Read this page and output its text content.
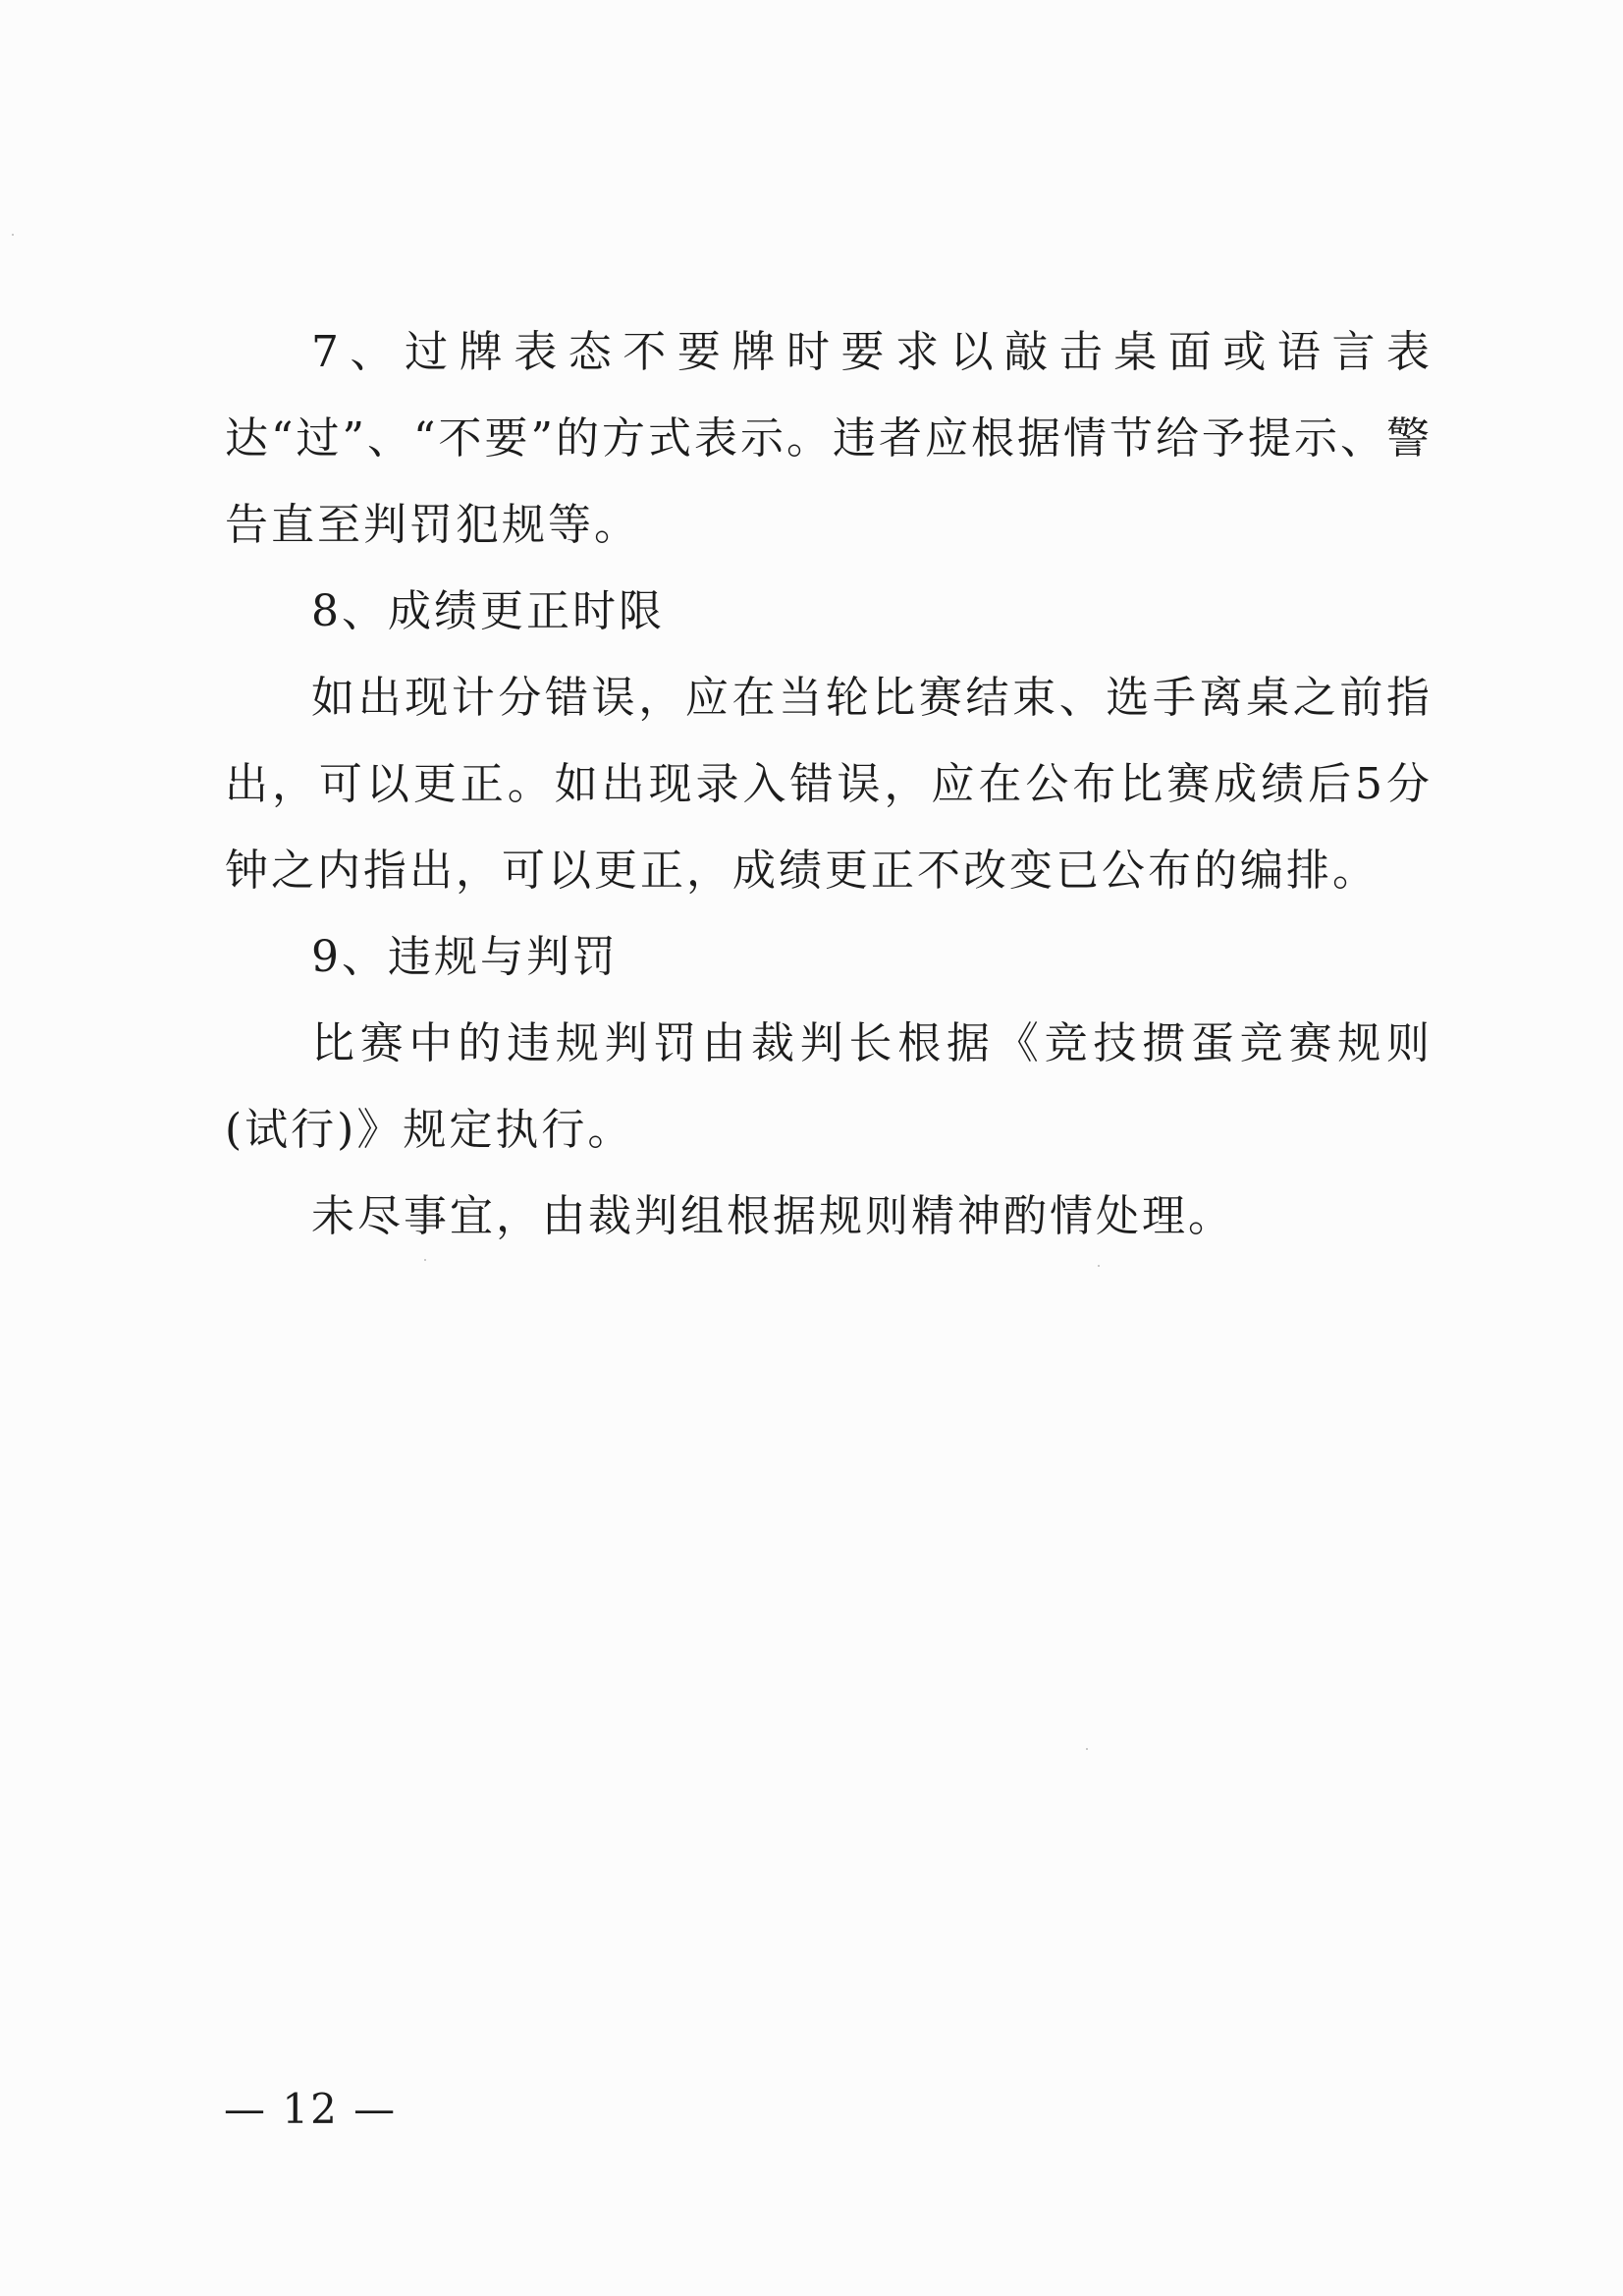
7、过牌表态不要牌时要求以敲击桌面或语言表达“过”、“不要”的方式表示。违者应根据情节给予提示、警告直至判罚犯规等。

8、成绩更正时限

如出现计分错误，应在当轮比赛结束、选手离桌之前指出，可以更正。如出现录入错误，应在公布比赛成绩后5分钟之内指出，可以更正，成绩更正不改变已公布的编排。

9、违规与判罚

比赛中的违规判罚由裁判长根据《竞技掼蛋竞赛规则(试行)》规定执行。

未尽事宜，由裁判组根据规则精神酌情处理。

— 12 —
